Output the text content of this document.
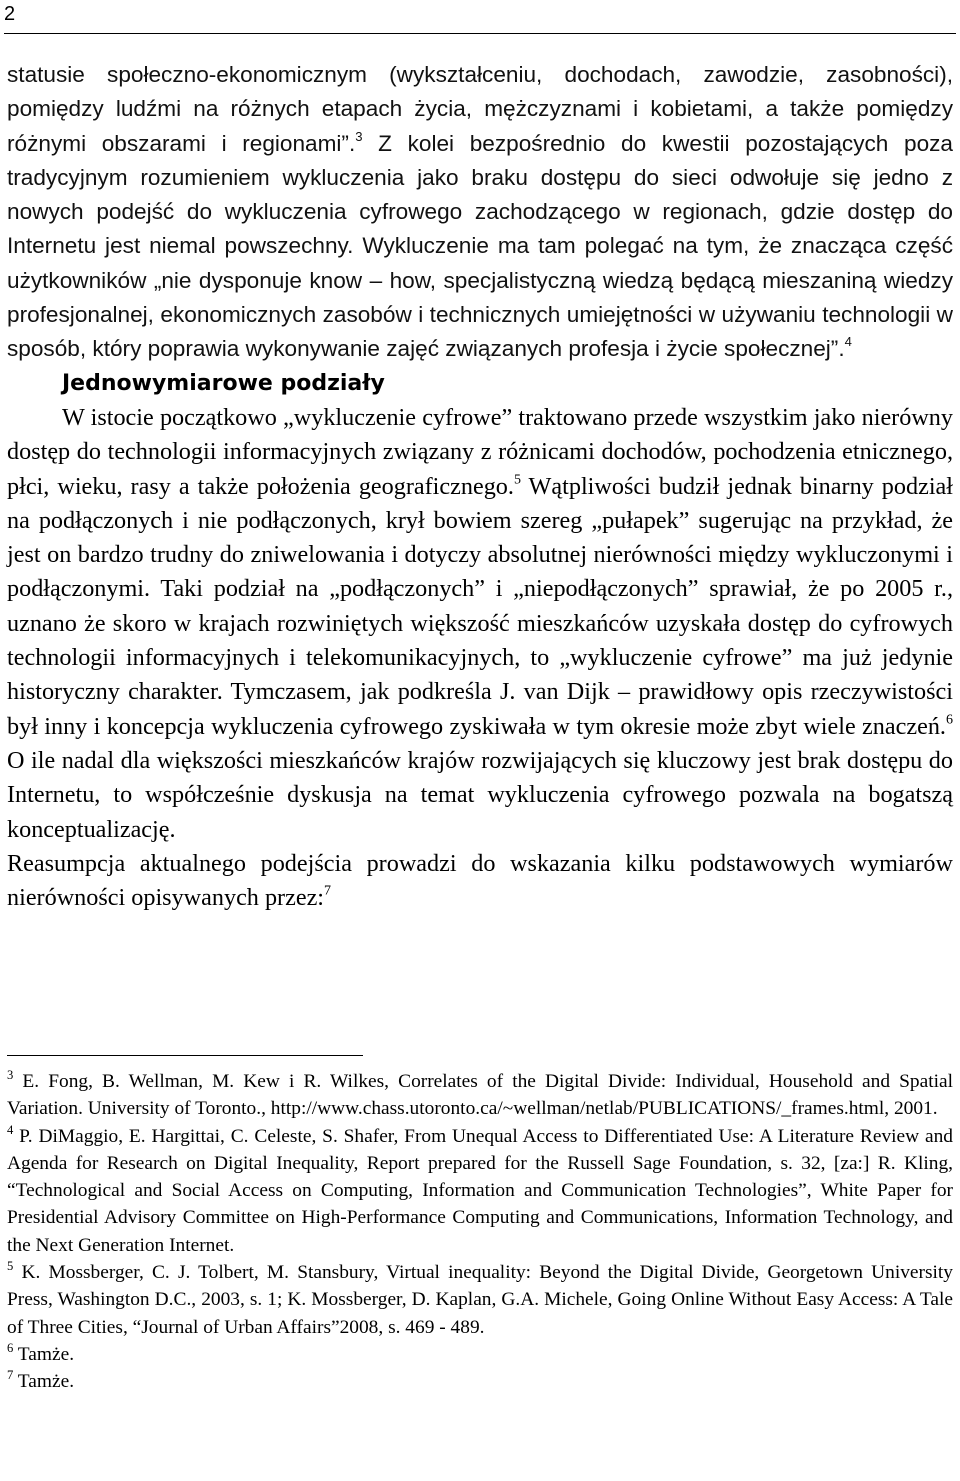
2

statusie społeczno-ekonomicznym (wykształceniu, dochodach, zawodzie, zasobności), pomiędzy ludźmi na różnych etapach życia, mężczyznami i kobietami, a także pomiędzy różnymi obszarami i regionami”.$^3$ Z kolei bezpośrednio do kwestii pozostających poza tradycyjnym rozumieniem wykluczenia jako braku dostępu do sieci odwołuje się jedno z nowych podejść do wykluczenia cyfrowego zachodzącego w regionach, gdzie dostęp do Internetu jest niemal powszechny. Wykluczenie ma tam polegać na tym, że znacząca część użytkowników „nie dysponuje know – how, specjalistyczną wiedzą będącą mieszaniną wiedzy profesjonalnej, ekonomicznych zasobów i technicznych umiejętności w używaniu technologii w sposób, który poprawia wykonywanie zajęć związanych profesja i życie społecznej”.$^4$

Jednowymiarowe podziały

W istocie początkowo „wykluczenie cyfrowe” traktowano przede wszystkim jako nierówny dostęp do technologii informacyjnych związany z różnicami dochodów, pochodzenia etnicznego, płci, wieku, rasy a także położenia geograficznego.$^5$ Wątpliwości budził jednak binarny podział na podłączonych i nie podłączonych, krył bowiem szereg „pułapek” sugerując na przykład, że jest on bardzo trudny do zniwelowania i dotyczy absolutnej nierówności między wykluczonymi i podłączonymi. Taki podział na „podłączonych” i „niepodłączonych” sprawiał, że po 2005 r., uznano że skoro w krajach rozwiniętych większość mieszkańców uzyskała dostęp do cyfrowych technologii informacyjnych i telekomunikacyjnych, to „wykluczenie cyfrowe” ma już jedynie historyczny charakter. Tymczasem, jak podkreśla J. van Dijk – prawidłowy opis rzeczywistości był inny i koncepcja wykluczenia cyfrowego zyskiwała w tym okresie może zbyt wiele znaczeń.$^6$ O ile nadal dla większości mieszkańców krajów rozwijających się kluczowy jest brak dostępu do Internetu, to współcześnie dyskusja na temat wykluczenia cyfrowego pozwala na bogatszą konceptualizację.

Reasumpcja aktualnego podejścia prowadzi do wskazania kilku podstawowych wymiarów nierówności opisywanych przez:$^7$

$^3$ E. Fong, B. Wellman, M. Kew i R. Wilkes, Correlates of the Digital Divide: Individual, Household and Spatial Variation. University of Toronto., http://www.chass.utoronto.ca/~wellman/netlab/PUBLICATIONS/_frames.html, 2001.

$^4$ P. DiMaggio, E. Hargittai, C. Celeste, S. Shafer, From Unequal Access to Differentiated Use: A Literature Review and Agenda for Research on Digital Inequality, Report prepared for the Russell Sage Foundation, s. 32, [za:] R. Kling, “Technological and Social Access on Computing, Information and Communication Technologies”, White Paper for Presidential Advisory Committee on High-Performance Computing and Communications, Information Technology, and the Next Generation Internet.

$^5$ K. Mossberger, C. J. Tolbert, M. Stansbury, Virtual inequality: Beyond the Digital Divide, Georgetown University Press, Washington D.C., 2003, s. 1; K. Mossberger, D. Kaplan, G.A. Michele, Going Online Without Easy Access: A Tale of Three Cities, “Journal of Urban Affairs”2008, s. 469 - 489.

$^6$ Tamże.

$^7$ Tamże.
